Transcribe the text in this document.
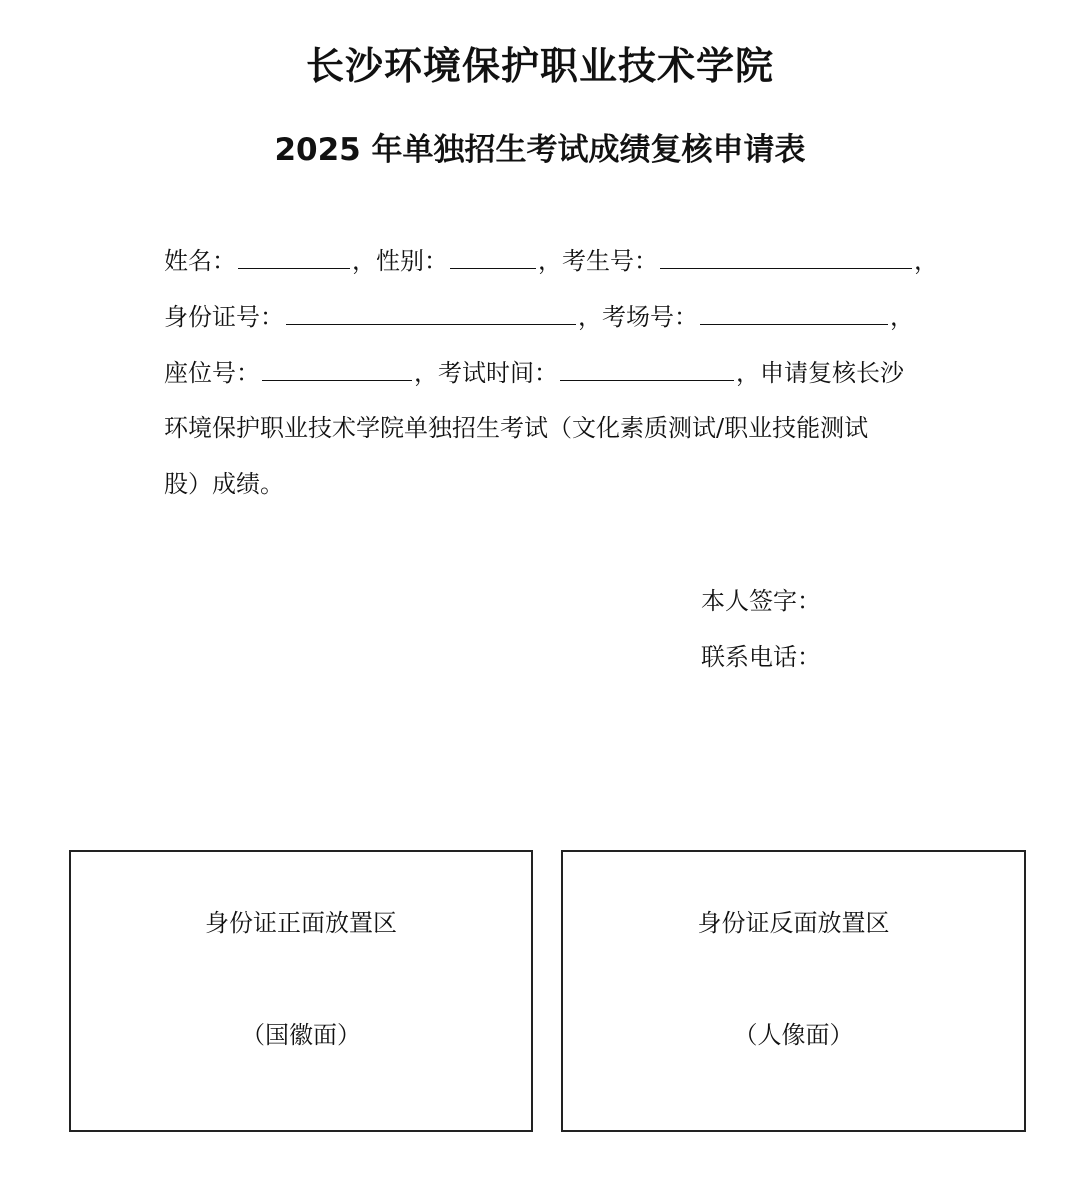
长沙环境保护职业技术学院
2025 年单独招生考试成绩复核申请表
姓名：	，性别：	，考生号：	，
身份证号：	，考场号：	，
座位号：	，考试时间：	，申请复核长沙
环境保护职业技术学院单独招生考试（文化素质测试/职业技能测试
股）成绩。
本人签字：
联系电话：
身份证正面放置区
（国徽面）
身份证反面放置区
（人像面）
